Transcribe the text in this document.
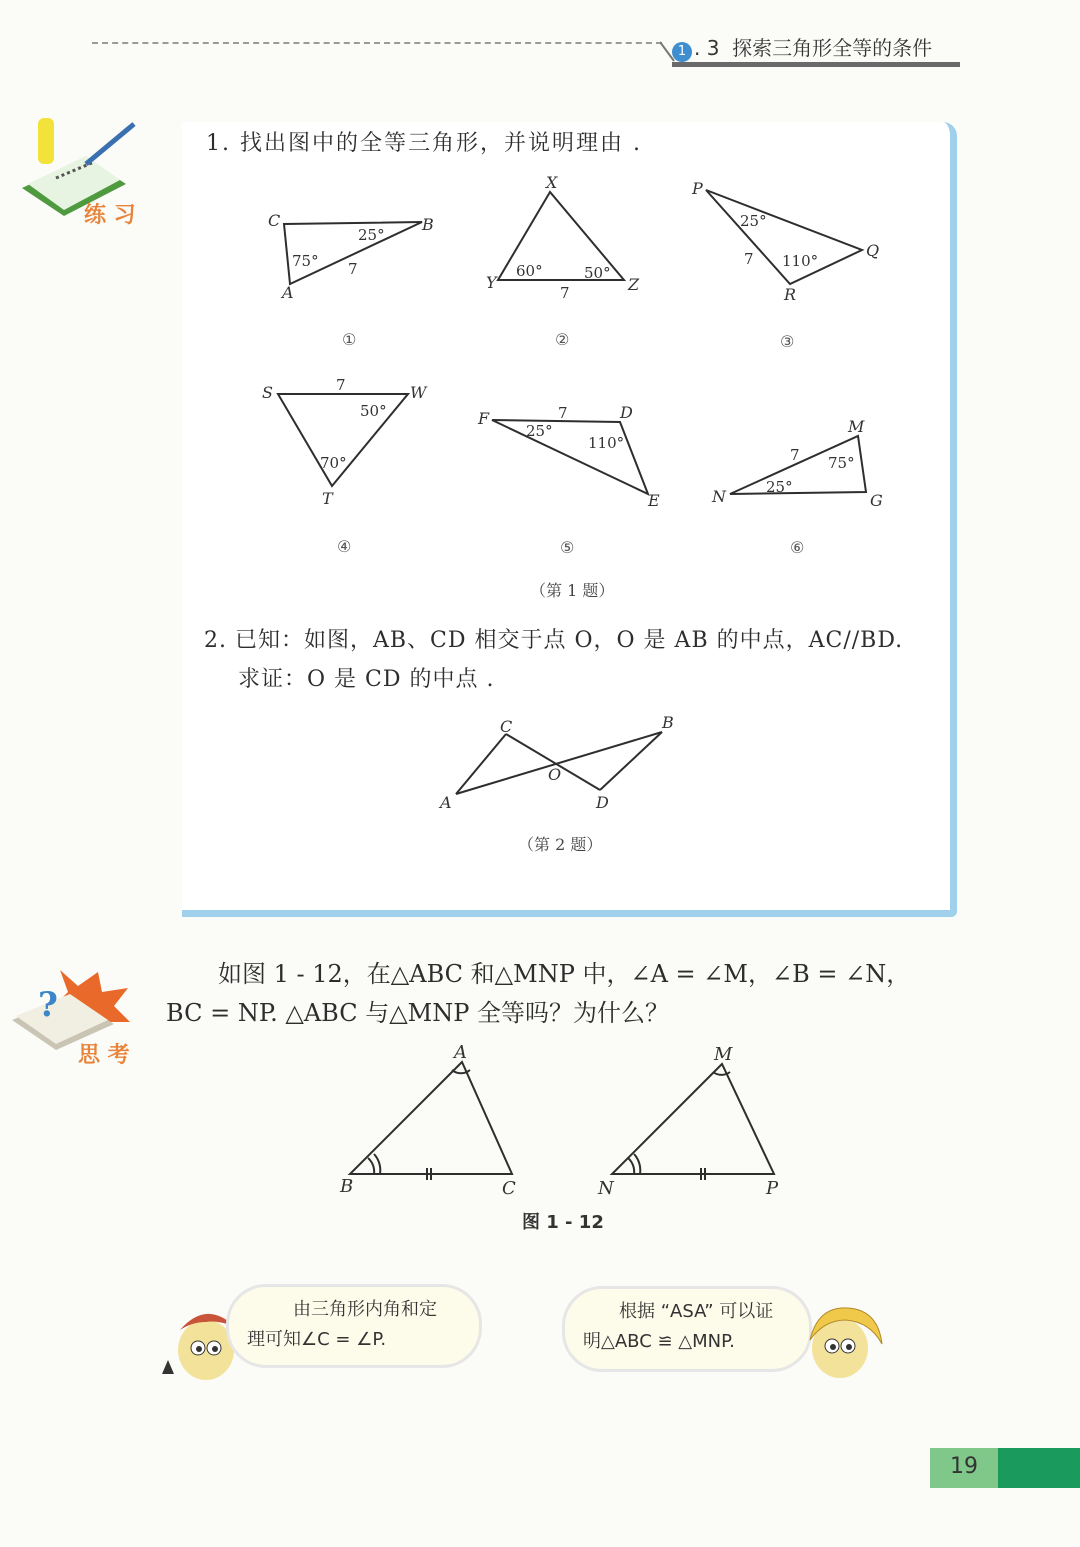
1 . 3 探索三角形全等的条件
练 习
1. 找出图中的全等三角形，并说明理由 .
C	B
A
25°
75° 7
X
Y	Z
60°	50°
7
P
Q
R
25°
110°
7
S	W
T
50°
70°
7
F	D
E
25°
110°
7
M
N	G
75°
25°
7
①	②	③
④	⑤	⑥
（第 1 题）
2. 已知：如图，AB、CD 相交于点 O，O 是 AB 的中点，AC//BD.
求证：O 是 CD 的中点 .
C	B
O
A	D
（第 2 题）
?
思 考
如图 1 - 12，在△ABC 和△MNP 中，∠A = ∠M，∠B = ∠N，
BC = NP. △ABC 与△MNP 全等吗？为什么？
A
B	C
M
N	P
图 1 - 12
由三角形内角和定
理可知∠C = ∠P.
根据 “ASA” 可以证
明△ABC ≌ △MNP.
19
